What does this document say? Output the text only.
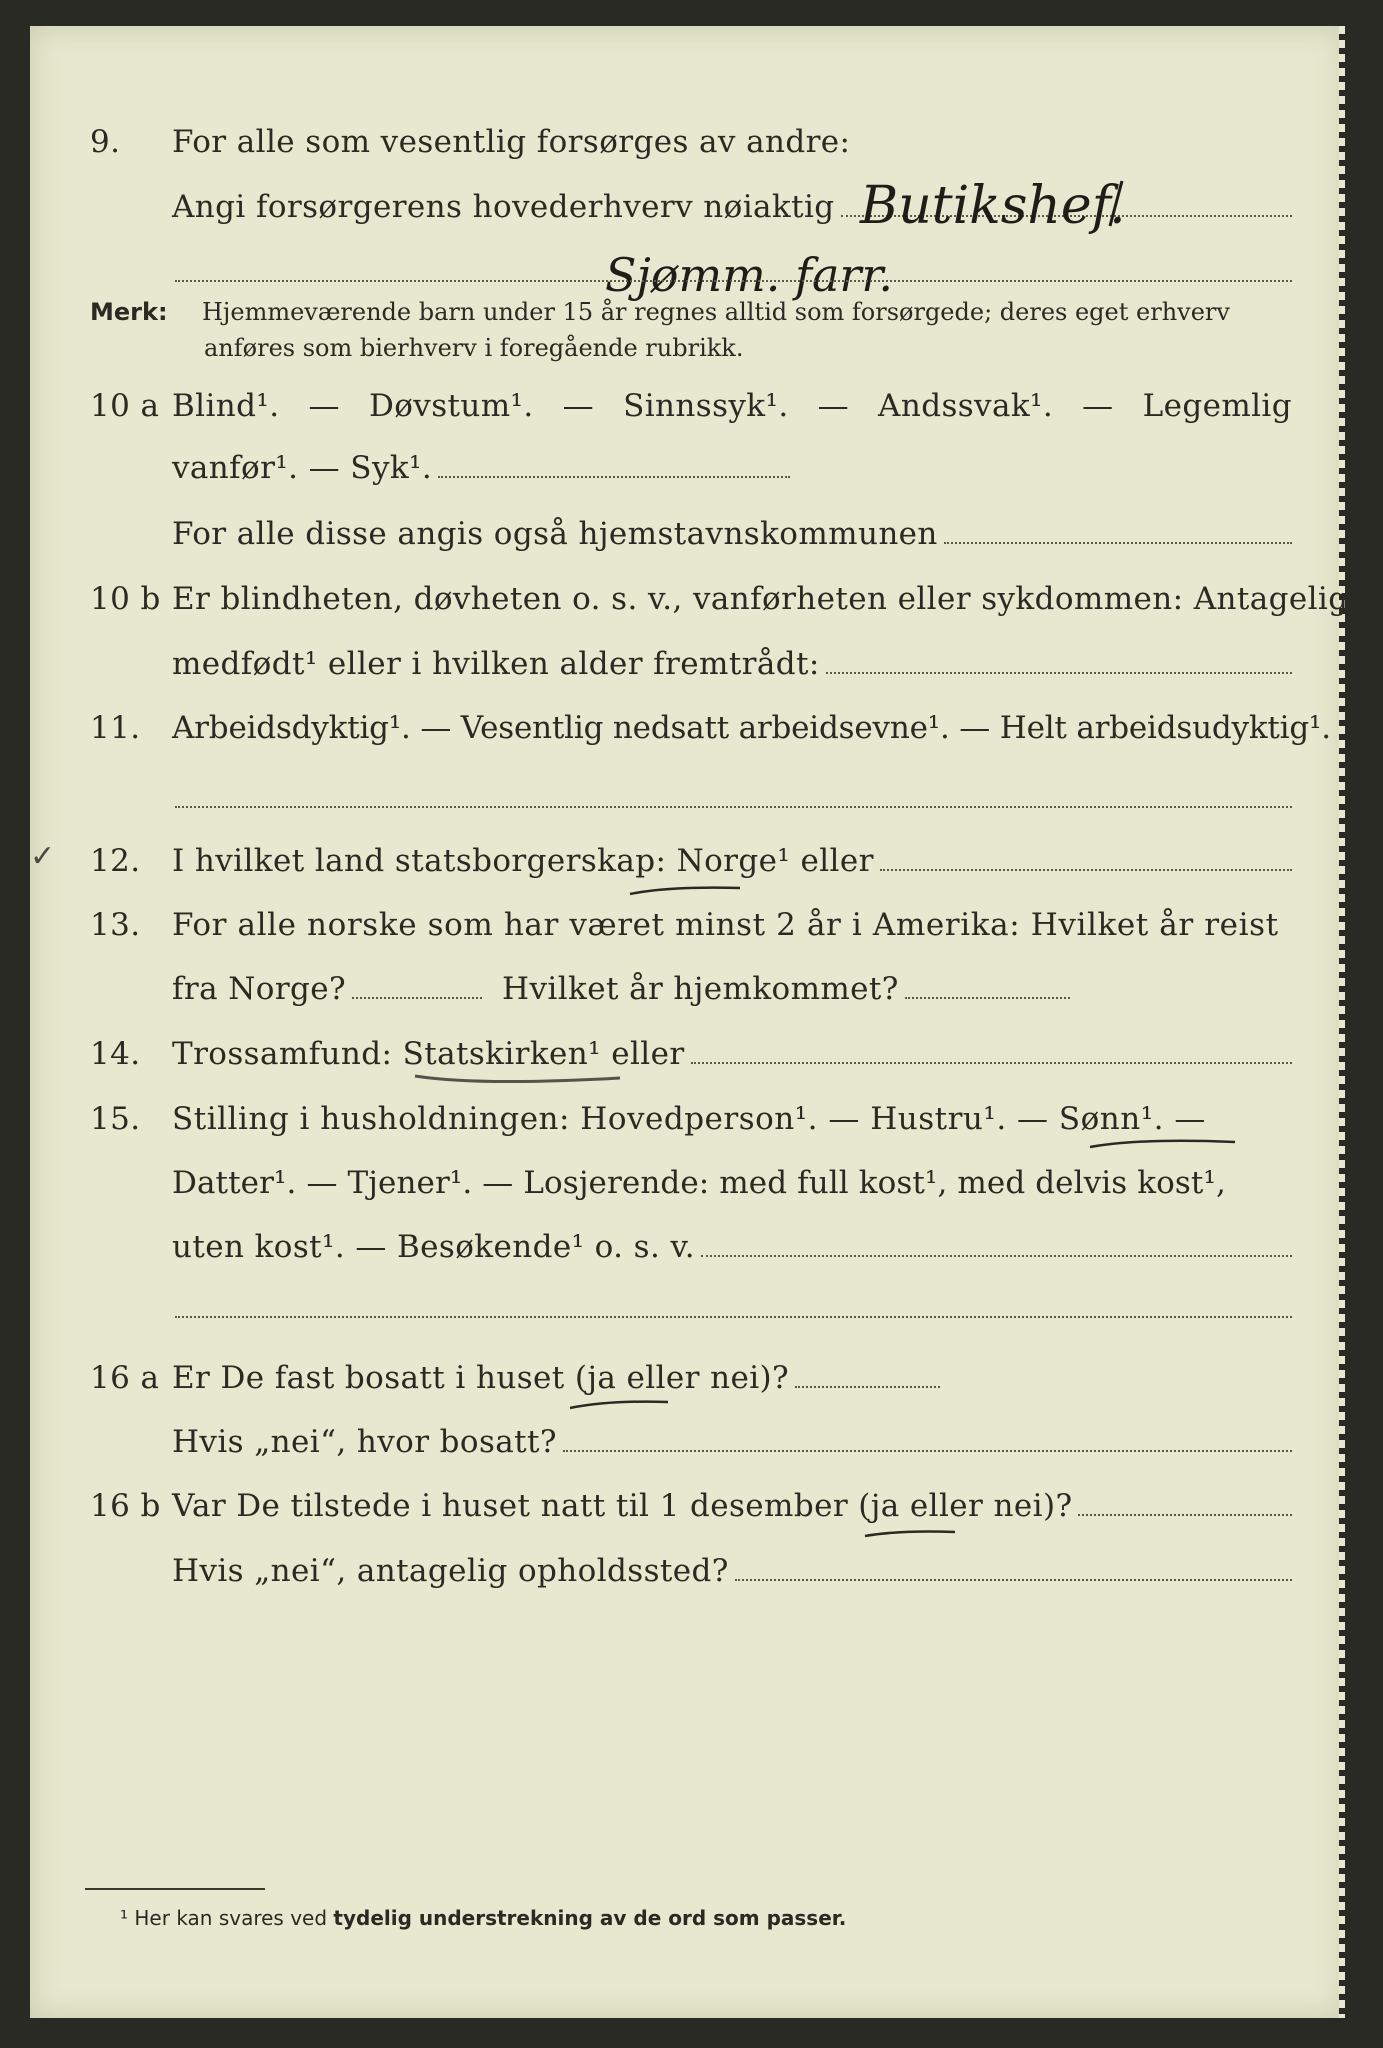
9. For alle som vesentlig forsørges av andre:
Angi forsørgerens hovederhverv nøiaktig Butikshef.
Sjømm. farr.
Merk: Hjemmeværende barn under 15 år regnes alltid som forsørgede; deres eget erhverv
anføres som bierhverv i foregående rubrikk.
10 a Blind¹. — Døvstum¹. — Sinnssyk¹. — Andssvak¹. — Legemlig
vanfør¹. — Syk¹.
For alle disse angis også hjemstavnskommunen
10 b Er blindheten, døvheten o. s. v., vanførheten eller sykdommen: Antagelig
medfødt¹ eller i hvilken alder fremtrådt:
11. Arbeidsdyktig¹. — Vesentlig nedsatt arbeidsevne¹. — Helt arbeidsudyktig¹.
✓ 12. I hvilket land statsborgerskap: Norge¹ eller
13. For alle norske som har været minst 2 år i Amerika: Hvilket år reist
fra Norge?	Hvilket år hjemkommet?
14. Trossamfund: Statskirken¹ eller
15. Stilling i husholdningen: Hovedperson¹. — Hustru¹. — Sønn¹. —
Datter¹. — Tjener¹. — Losjerende: med full kost¹, med delvis kost¹,
uten kost¹. — Besøkende¹ o. s. v.
16 a Er De fast bosatt i huset (ja eller nei)?
Hvis „nei“, hvor bosatt?
16 b Var De tilstede i huset natt til 1 desember (ja eller nei)?
Hvis „nei“, antagelig opholdssted?
¹ Her kan svares ved tydelig understrekning av de ord som passer.
